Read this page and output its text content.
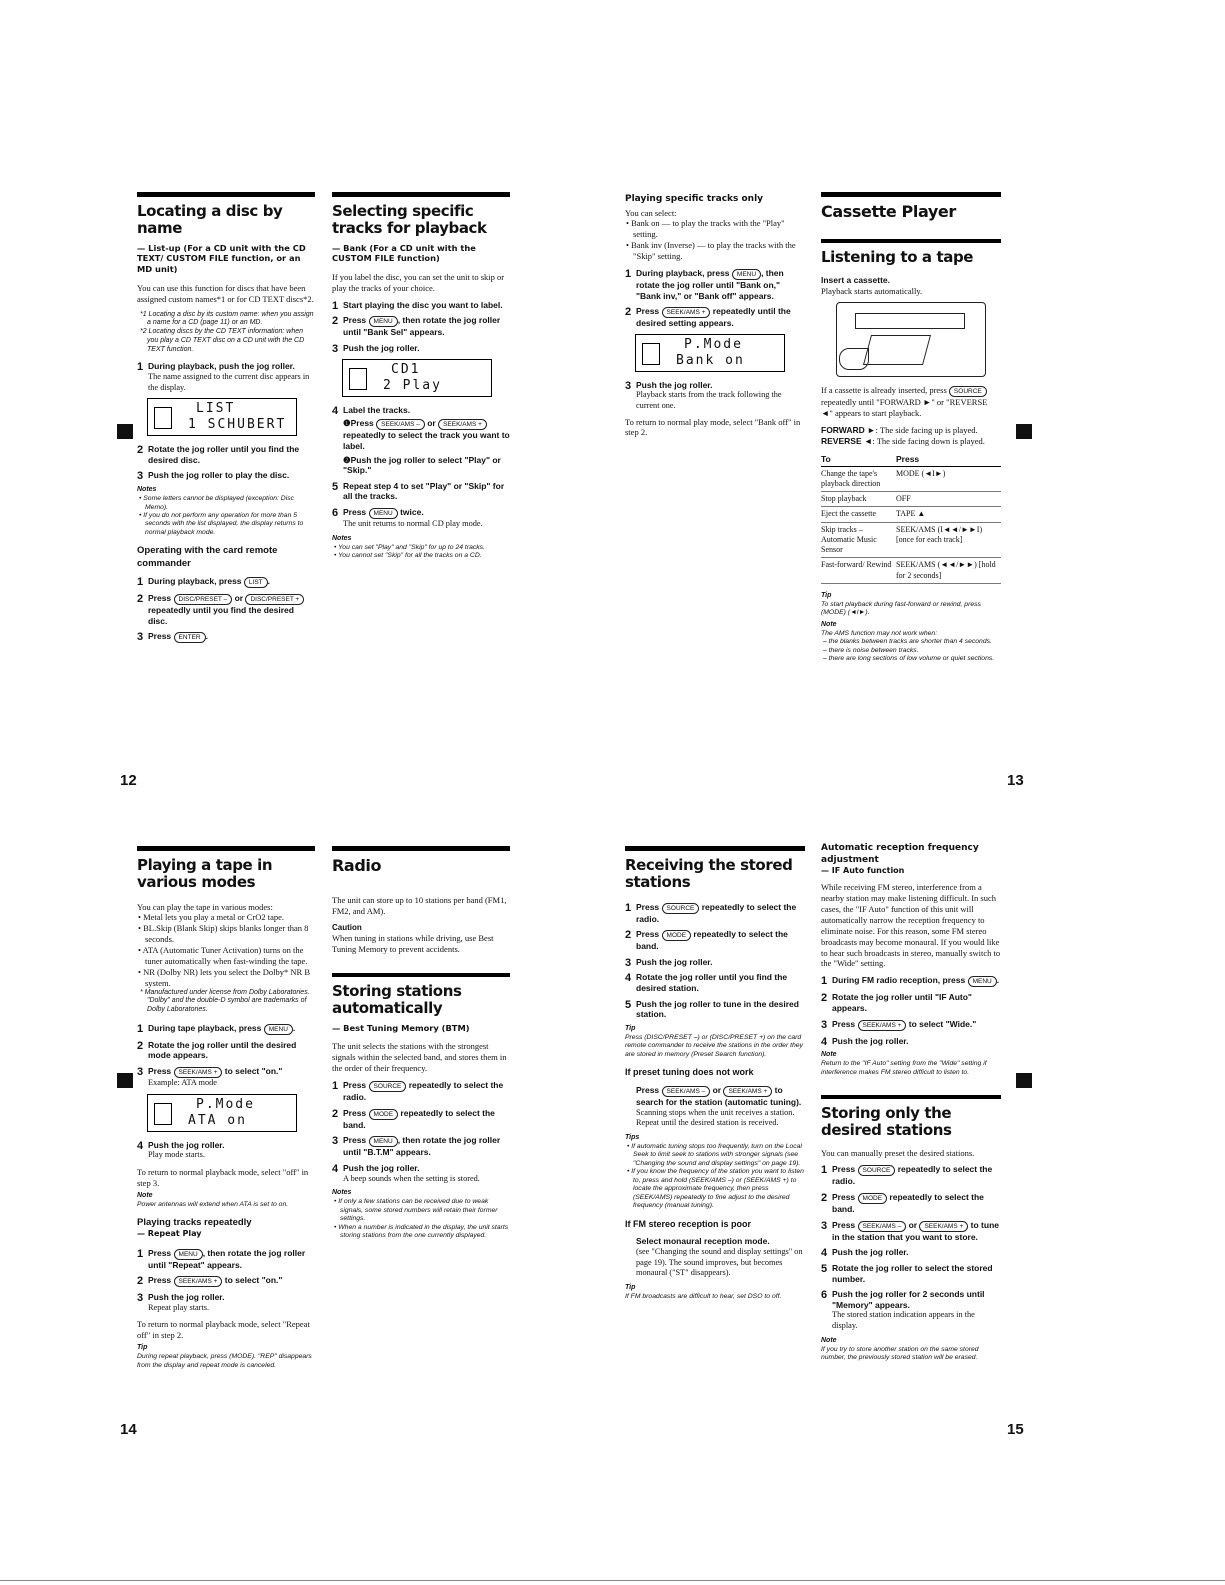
Locating a disc by name
— List-up (For a CD unit with the CD TEXT/ CUSTOM FILE function, or an MD unit)

You can use this function for discs that have been assigned custom names*1 or for CD TEXT discs*2.

*1 Locating a disc by its custom name: when you assign a name for a CD (page 11) or an MD.
*2 Locating discs by the CD TEXT information: when you play a CD TEXT disc on a CD unit with the CD TEXT function.
1 During playback, push the jog roller.
The name assigned to the current disc appears in the display.
LIST
1 SCHUBERT
2 Rotate the jog roller until you find the desired disc.
3 Push the jog roller to play the disc.
Notes
• Some letters cannot be displayed (exception: Disc Memo).
• If you do not perform any operation for more than 5 seconds with the list displayed, the display returns to normal playback mode.
Operating with the card remote commander
1 During playback, press LIST .
2 Press DISC/PRESET – or DISC/PRESET + repeatedly until you find the desired disc.
3 Press ENTER .
Selecting specific tracks for playback
— Bank (For a CD unit with the CUSTOM FILE function)

If you label the disc, you can set the unit to skip or play the tracks of your choice.

1 Start playing the disc you want to label.
2 Press MENU , then rotate the jog roller until "Bank Sel" appears.
3 Push the jog roller.
CD1
2 Play
4 Label the tracks.
❶Press SEEK/AMS – or SEEK/AMS + repeatedly to select the track you want to label.
❷Push the jog roller to select "Play" or "Skip."
5 Repeat step 4 to set "Play" or "Skip" for all the tracks.
6 Press MENU twice.
The unit returns to normal CD play mode.
Notes
• You can set "Play" and "Skip" for up to 24 tracks.
• You cannot set "Skip" for all the tracks on a CD.
12
Playing specific tracks only

You can select:

• Bank on — to play the tracks with the "Play" setting.

• Bank inv (Inverse) — to play the tracks with the "Skip" setting.

1 During playback, press MENU , then rotate the jog roller until "Bank on," "Bank inv," or "Bank off" appears.
2 Press SEEK/AMS + repeatedly until the desired setting appears.
P.Mode
Bank on
3 Push the jog roller.
Playback starts from the track following the current one.

To return to normal play mode, select "Bank off" in step 2.

Cassette Player
Listening to a tape
Insert a cassette.

Playback starts automatically.

If a cassette is already inserted, press SOURCE repeatedly until "FORWARD ►" or "REVERSE ◄" appears to start playback.

FORWARD ►: The side facing up is played.

REVERSE ◄: The side facing down is played.

To	Press
Change the tape's playback direction	MODE (◄I►)
Stop playback	OFF
Eject the cassette	TAPE ▲
Skip tracks – Automatic Music Sensor	SEEK/AMS (I◄◄/►►I) [once for each track]
Fast-forward/ Rewind	SEEK/AMS (◄◄/►►) [hold for 2 seconds]
Tip
To start playback during fast-forward or rewind, press (MODE) (◄I►).
Note
The AMS function may not work when:
– the blanks between tracks are shorter than 4 seconds.
– there is noise between tracks.
– there are long sections of low volume or quiet sections.
13
Playing a tape in various modes

You can play the tape in various modes:

• Metal lets you play a metal or CrO2 tape.

• BL.Skip (Blank Skip) skips blanks longer than 8 seconds.

• ATA (Automatic Tuner Activation) turns on the tuner automatically when fast-winding the tape.

• NR (Dolby NR) lets you select the Dolby* NR B system.

* Manufactured under license from Dolby Laboratories. "Dolby" and the double-D symbol are trademarks of Dolby Laboratories.
1 During tape playback, press MENU .
2 Rotate the jog roller until the desired mode appears.
3 Press SEEK/AMS + to select "on."
Example: ATA mode
P.Mode
ATA on
4 Push the jog roller.
Play mode starts.

To return to normal playback mode, select "off" in step 3.

Note
Power antennas will extend when ATA is set to on.
Playing tracks repeatedly
— Repeat Play
1 Press MENU , then rotate the jog roller until "Repeat" appears.
2 Press SEEK/AMS + to select "on."
3 Push the jog roller.
Repeat play starts.

To return to normal playback mode, select "Repeat off" in step 2.

Tip
During repeat playback, press (MODE). "REP" disappears from the display and repeat mode is canceled.
Radio

The unit can store up to 10 stations per band (FM1, FM2, and AM).

Caution

When tuning in stations while driving, use Best Tuning Memory to prevent accidents.

Storing stations automatically
— Best Tuning Memory (BTM)

The unit selects the stations with the strongest signals within the selected band, and stores them in the order of their frequency.

1 Press SOURCE repeatedly to select the radio.
2 Press MODE repeatedly to select the band.
3 Press MENU , then rotate the jog roller until "B.T.M" appears.
4 Push the jog roller.
A beep sounds when the setting is stored.
Notes
• If only a few stations can be received due to weak signals, some stored numbers will retain their former settings.
• When a number is indicated in the display, the unit starts storing stations from the one currently displayed.
14
Receiving the stored stations
1 Press SOURCE repeatedly to select the radio.
2 Press MODE repeatedly to select the band.
3 Push the jog roller.
4 Rotate the jog roller until you find the desired station.
5 Push the jog roller to tune in the desired station.
Tip
Press (DISC/PRESET –) or (DISC/PRESET +) on the card remote commander to receive the stations in the order they are stored in memory (Preset Search function).
If preset tuning does not work
Press SEEK/AMS – or SEEK/AMS + to search for the station (automatic tuning).
Scanning stops when the unit receives a station. Repeat until the desired station is received.
Tips
• If automatic tuning stops too frequently, turn on the Local Seek to limit seek to stations with stronger signals (see "Changing the sound and display settings" on page 19).
• If you know the frequency of the station you want to listen to, press and hold (SEEK/AMS –) or (SEEK/AMS +) to locate the approximate frequency, then press (SEEK/AMS) repeatedly to fine adjust to the desired frequency (manual tuning).
If FM stereo reception is poor
Select monaural reception mode.
(see "Changing the sound and display settings" on page 19). The sound improves, but becomes monaural ("ST" disappears).
Tip
If FM broadcasts are difficult to hear, set DSO to off.
Automatic reception frequency adjustment
— IF Auto function

While receiving FM stereo, interference from a nearby station may make listening difficult. In such cases, the "IF Auto" function of this unit will automatically narrow the reception frequency to eliminate noise. For this reason, some FM stereo broadcasts may become monaural. If you would like to hear such broadcasts in stereo, manually switch to the "Wide" setting.

1 During FM radio reception, press MENU .
2 Rotate the jog roller until "IF Auto" appears.
3 Press SEEK/AMS + to select "Wide."
4 Push the jog roller.
Note
Return to the "IF Auto" setting from the "Wide" setting if interference makes FM stereo difficult to listen to.
Storing only the desired stations

You can manually preset the desired stations.

1 Press SOURCE repeatedly to select the radio.
2 Press MODE repeatedly to select the band.
3 Press SEEK/AMS – or SEEK/AMS + to tune in the station that you want to store.
4 Push the jog roller.
5 Rotate the jog roller to select the stored number.
6 Push the jog roller for 2 seconds until "Memory" appears.
The stored station indication appears in the display.
Note
If you try to store another station on the same stored number, the previously stored station will be erased.
15
